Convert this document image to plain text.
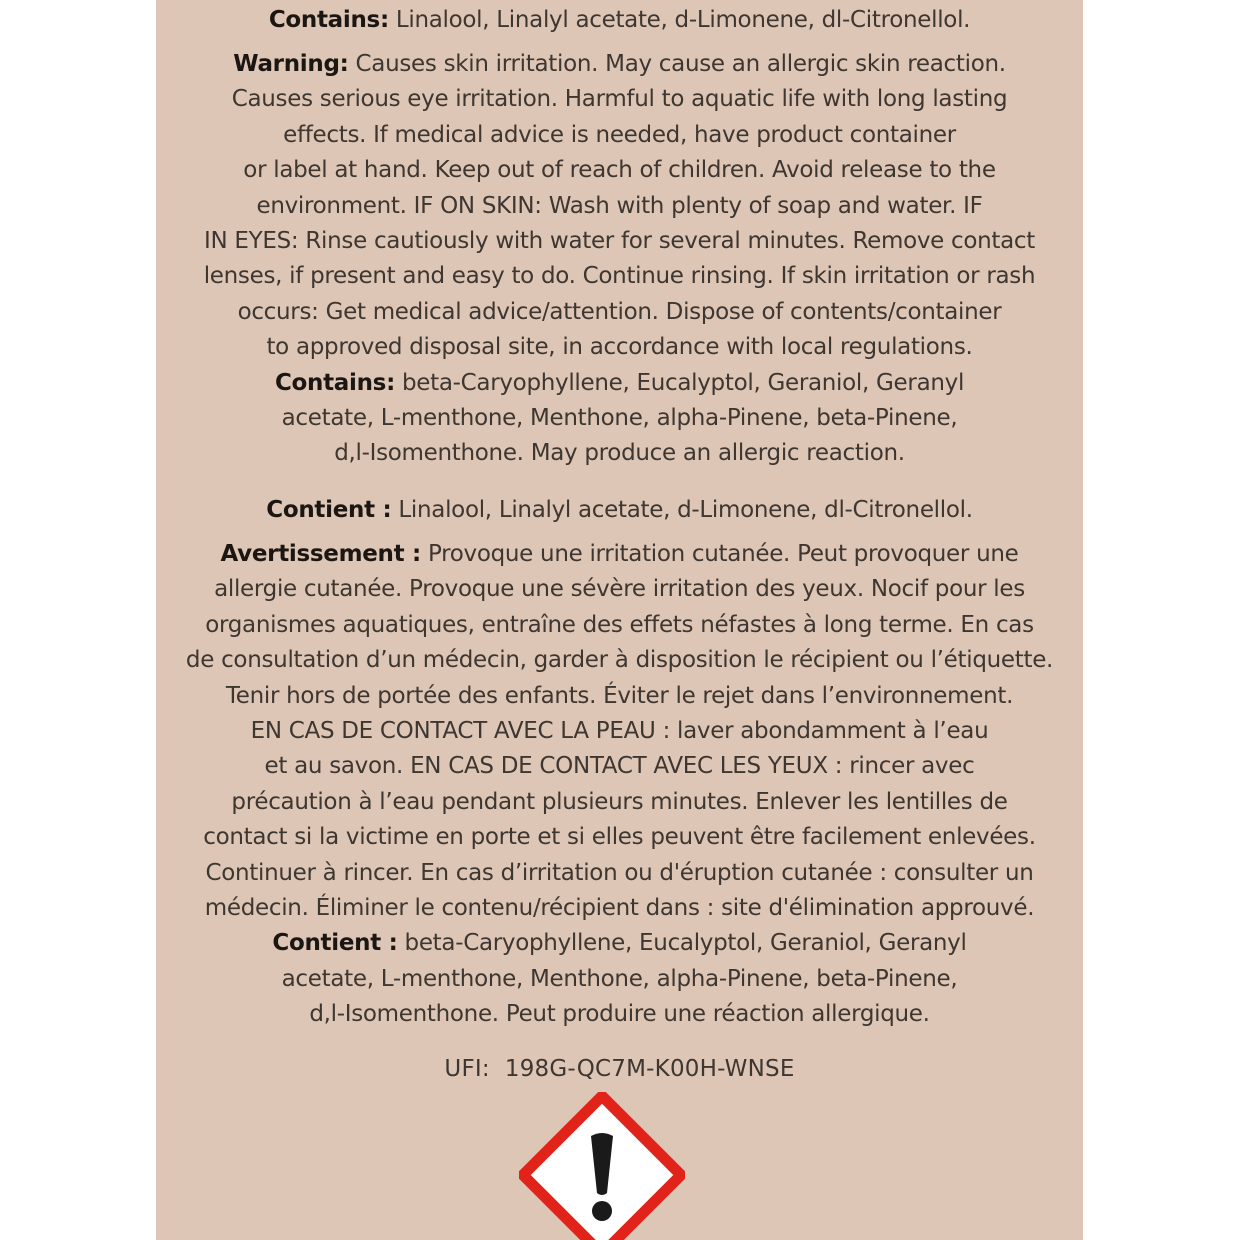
Contains: Linalool, Linalyl acetate, d-Limonene, dl-Citronellol.
Warning: Causes skin irritation. May cause an allergic skin reaction.
Causes serious eye irritation. Harmful to aquatic life with long lasting
effects. If medical advice is needed, have product container
or label at hand. Keep out of reach of children. Avoid release to the
environment. IF ON SKIN: Wash with plenty of soap and water. IF
IN EYES: Rinse cautiously with water for several minutes. Remove contact
lenses, if present and easy to do. Continue rinsing. If skin irritation or rash
occurs: Get medical advice/attention. Dispose of contents/container
to approved disposal site, in accordance with local regulations.
Contains: beta-Caryophyllene, Eucalyptol, Geraniol, Geranyl
acetate, L-menthone, Menthone, alpha-Pinene, beta-Pinene,
d,l-Isomenthone. May produce an allergic reaction.
Contient : Linalool, Linalyl acetate, d-Limonene, dl-Citronellol.
Avertissement : Provoque une irritation cutanée. Peut provoquer une
allergie cutanée. Provoque une sévère irritation des yeux. Nocif pour les
organismes aquatiques, entraîne des effets néfastes à long terme. En cas
de consultation d’un médecin, garder à disposition le récipient ou l’étiquette.
Tenir hors de portée des enfants. Éviter le rejet dans l’environnement.
EN CAS DE CONTACT AVEC LA PEAU : laver abondamment à l’eau
et au savon. EN CAS DE CONTACT AVEC LES YEUX : rincer avec
précaution à l’eau pendant plusieurs minutes. Enlever les lentilles de
contact si la victime en porte et si elles peuvent être facilement enlevées.
Continuer à rincer. En cas d’irritation ou d'éruption cutanée : consulter un
médecin. Éliminer le contenu/récipient dans : site d'élimination approuvé.
Contient : beta-Caryophyllene, Eucalyptol, Geraniol, Geranyl
acetate, L-menthone, Menthone, alpha-Pinene, beta-Pinene,
d,l-Isomenthone. Peut produire une réaction allergique.
UFI: 198G-QC7M-K00H-WNSE
